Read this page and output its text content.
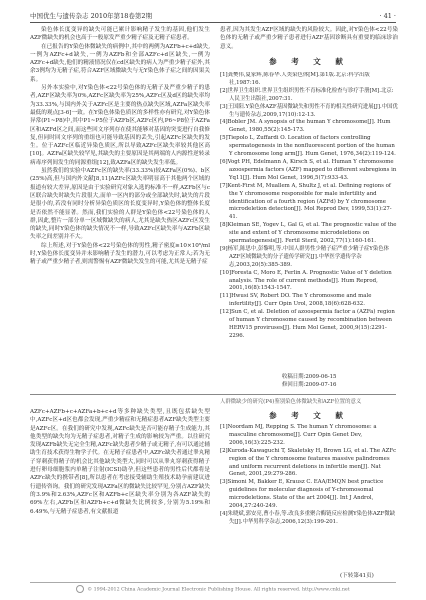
中国优生与遗传杂志 2010年第18卷第2期	· 41 ·

染色体长度变异的缺失可能已累计影响精子发生的基因,他们发生AZF微缺失的机会也高于一般原发严重少精子症及无精子症患者。

在已报告的Y染色体微缺失的病例中,其中的两例为AZFb+c+d缺失,一例为AZFc+d缺失,一例为AZFb和全部AZFc+d区缺失,一例为AZFc+d缺失,他们的精液情况仅在cd区缺失的病人为严重少精子症外,其余3例均为无精子症,符合AZF区域微缺失与无Y染色体子症之间的因果关系。

另外本实验中,对Y染色体<22号染色体的无精子及严重少精子的患者,AZF区缺失率为0%,AZFc区缺失率为25%,AZFc区及d区的缺失率均为33.33%,与国内外关于AZFc区是主要的热点缺失区域,AZFa区缺失率最低的观点[3-6]一致。在Y染色体染色质区的多样性亦有研究,对Y染色体异常(P1~P8)中,其中P1~P5位于AZFb区,AZFc区内,P6~P8位于AZFa区和AZFd区之间,而这些回文序列存在使其能够对基因的突变进行自我修复,但同时回文序列的重组也可能导致基因的丢失,引起AZFc区缺失的发生。位于AZFc区临近异染色质区,所以导致AZFc区缺失率较其他区高[10]。AZFa区缺失较罕见,其缺失的主要原因是其两端的人内源性逆转录病毒序列间发生的同源重组[12],致AZFa区的缺失发生率低。

虽然我们的实验中AZFc区的缺失率(33.33%)较AZFa区(0%)、b区(25%)高,但与国内外文献[8,11]AZFc区缺失率明显高于其他两个区域的报道有较大差异,原因是由于实验研究对象入选的标准不一样,AZFb区与c区联合缺失时缺失片段很大,而单一区内的部分或全部缺失时,缺失的片段是很小的,若没有同时分析异染色质区的长度变异时,Y染色体的整体长度是否依然不能显著。然而,我们实验的人群是Y染色体<22号染色体的人群,因此,整片一部分单一区域微缺失的病人,尤其是缺失热区AZFc区发生的缺失,同时Y染色体的缺失情况不一样,导致AZFc区缺失率与AZFb区缺失率之间差别并不大。

综上所述,对于Y染色体<22号染色体的男性,精子密度≥10×10⁶/ml时,Y染色体长度变异并未影响精子发生的潜力,可以考虑为正常人;若为无精子或严重少精子者,则需警惕有AZF微缺失发生的可能,尤其是无精子症

患者,因为其发生AZF区域的缺失的风险较大。因此,对Y染色体<22号染色体的无精子或严重少精子患者进行AZF基因诊断具有重要的临床诊治意义。

参 考 文 献
[1]龚樊伟,夏家辉,陈春华.人类染色体[M].第1版.北京:科学出版社,1987:16.
[2]世界卫生组织.世界卫生组织男性不育标准化检查与诊疗手册[M].北京:人民卫生出版社,2007:31.
[3]王国阳.Y染色体AZF基因微缺失和男性不育的相关性研究进展[J].中国优生与遗传杂志,2009,17(10):12-13.
[4]Bobler JM. A synopsis of the human Y chromosome[J]. Hum Genet, 1980,55(2):145-173.
[5]Tiepolo L, Zuffardi O. Location of factors controlling spermatogenesis in the nonfluorescent portion of the human Y chromosome long arm[J]. Hum Genet, 1976,34(2):119-124.
[6]Vogt PH, Edelmann A, Kirsch S, et al. Human Y chromosome azoospermia factors (AZF) mapped to different subregions in Yq11[J]. Hum Mol Genet, 1996,5(7):933-43.
[7]Kent-First M, Muallem A, Shultz J, et al. Defining regions of the Y chromosome responsible for male infertility and identification of a fourth region (AZFd) by Y chromosome microdeletion detection[J]. Mol Reprod Dev, 1999,53(1):27-41.
[8]Kleiman SE, Yogev L, Gal G, et al. The prognostic value of the site and extent of Y chromosome microdeletions on spermatogenesis[J]. Fertil Steril, 2002,77(1):160-161.
[9]杨军,陈思中,彭黎明,等.中国人群男性少精子症严重少精子症Y染色体AZF区域微缺失的分子遗传学研究[J].中华医学遗传学杂志,2003,20(5):385-389.
[10]Foresta C, Moro E, Ferlin A. Prognostic Value of Y deletion analysis. The role of current methods[J]. Hum Reprod, 2001,16(8):1543-1547.
[11]Hwusi SV, Robert DO. The Y chromosome and male infertility[J]. Curr Opin Urol, 2008,18(6):628-632.
[12]Sun C, et al. Deletion of azoospermia factor a (AZFa) region of human Y chromosome caused by recombination between HERV15 proviruses[J]. Hum Mol Genet, 2000,9(15):2291-2296.
收稿日期:2009-06-15
修回日期:2009-07-16
人群微缺少的研究(P4)鉴别染色体微缺失和AZF位置的意义

AZFc+AZFb+c+AZFa+b+c+d等多种缺失类型,且既包括缺失型中,AZFc区+d区也都会发现,严重少精症和无精症患者AZF缺失类型主要是AZFc区。在我们的研究中发现,AZFc缺失是否可能存精子生成能力,其他类型的缺失均为无精子症患者,对精子生成的影响较为严重。以往研究发现AZFb缺失无完全生精,AZFc缺失患者少精子或无精子,有可以通过辅助生育技术获得生物学子代。在无精子症患者中,AZFc缺失者通过睾丸精子穿刺获得精子的机会比其他缺失类型大,同时可以从睾丸穿刺获得精子进行卵母细胞浆内单精子注射(ICSI)助孕,但这些患者的男性后代都将是AZFc缺失的携带者[8],所以患者在考虑接受辅助生殖技术助孕前建议进行遗传咨询。我们的研究发现AZFa区的微缺失比较罕见,分别占AZF缺失的3.9%和2.63%,AZFc区和AZFb+c区缺失率分别为各AZF缺失的69%左右,AZFb区和AZFb+c+d微缺失比例较多,分别为5.19%和6.49%,与无精子症患者,有文献报道

参 考 文 献
[1]Noordam MJ, Repping S. The human Y chromosome: a masculine chromosome[J]. Curr Opin Genet Dev, 2006,16(3):225-232.
[2]Kuroda-Kawaguchi T, Skaletsky H, Brown LG, et al. The AZFc region of the Y chromosome features massive palindromes and uniform recurrent deletions in infertile men[J]. Nat Genet, 2001,29:279-286.
[3]Simoni M, Bakker E, Krausz C. EAA/EMQN best practice guidelines for molecular diagnosis of Y-chromosomal microdeletions. State of the art 2004[J]. Int J Androl, 2004,27:240-249.
[4]朱晓斌,郭安亮,曹小春,等.改良多重聚合酶链反应检测Y染色体AZF微缺失[J].中华男科学杂志,2006,12(3):199-201.
(下转第41页)
© 1994-2012 China Academic Journal Electronic Publishing House. All rights reserved. http://www.cnki.net
